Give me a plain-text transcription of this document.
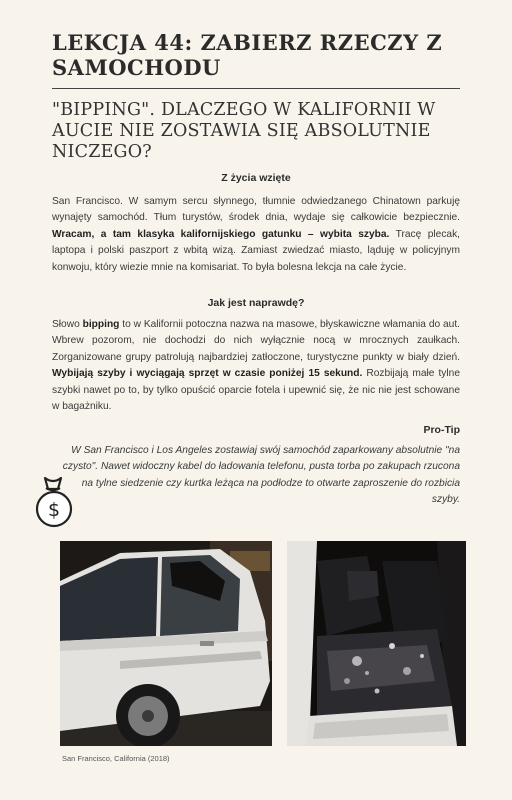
LEKCJA 44: ZABIERZ RZECZY Z SAMOCHODU
"BIPPING". DLACZEGO W KALIFORNII W AUCIE NIE ZOSTAWIA SIĘ ABSOLUTNIE NICZEGO?
Z życia wzięte
San Francisco. W samym sercu słynnego, tłumnie odwiedzanego Chinatown parkuję wynajęty samochód. Tłum turystów, środek dnia, wydaje się całkowicie bezpiecznie. Wracam, a tam klasyka kalifornijskiego gatunku – wybita szyba. Tracę plecak, laptopa i polski paszport z wbitą wizą. Zamiast zwiedzać miasto, ląduję w policyjnym konwoju, który wiezie mnie na komisariat. To była bolesna lekcja na całe życie.
Jak jest naprawdę?
Słowo bipping to w Kalifornii potoczna nazwa na masowe, błyskawiczne włamania do aut. Wbrew pozorom, nie dochodzi do nich wyłącznie nocą w mrocznych zaułkach. Zorganizowane grupy patrolują najbardziej zatłoczone, turystyczne punkty w biały dzień. Wybijają szyby i wyciągają sprzęt w czasie poniżej 15 sekund. Rozbijają małe tylne szybki nawet po to, by tylko opuścić oparcie fotela i upewnić się, że nic nie jest schowane w bagażniku.
Pro-Tip
W San Francisco i Los Angeles zostawiaj swój samochód zaparkowany absolutnie "na czysto". Nawet widoczny kabel do ładowania telefonu, pusta torba po zakupach rzucona na tylne siedzenie czy kurtka leżąca na podłodze to otwarte zaproszenie do rozbicia szyby.
$
San Francisco, California (2018)
